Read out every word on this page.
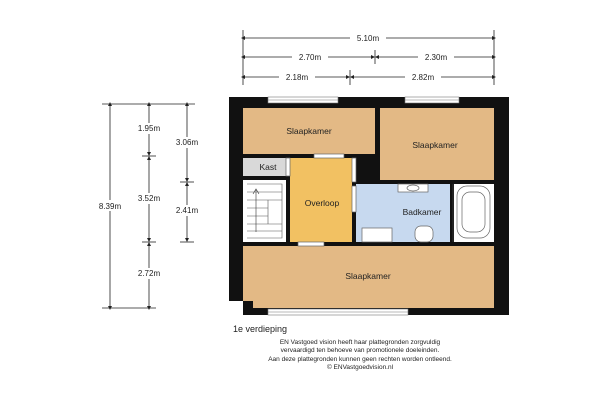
5.10m
2.70m	2.30m
2.18m	2.82m
8.39m
1.95m
3.52m
2.72m
3.06m
2.41m
Slaapkamer
Slaapkamer
Kast
Overloop
Badkamer
Slaapkamer
1e verdieping
EN Vastgoed vision heeft haar plattegronden zorgvuldig
vervaardigd ten behoeve van promotionele doeleinden.
Aan deze plattegronden kunnen geen rechten worden ontleend.
© ENVastgoedvision.nl
